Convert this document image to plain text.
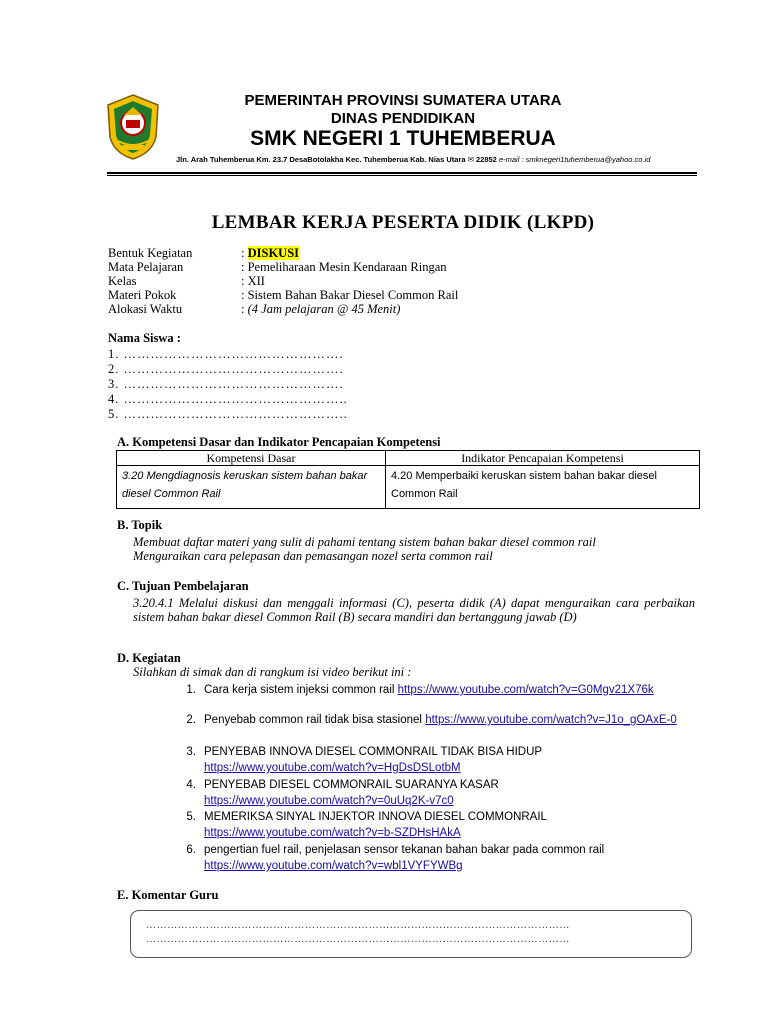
PEMERINTAH PROVINSI SUMATERA UTARA
DINAS PENDIDIKAN
SMK NEGERI 1 TUHEMBERUA
Jln. Arah Tuhemberua Km. 23.7 DesaBotolakha Kec. Tuhemberua Kab. Nias Utara ✉ 22852 e-mail : smknegeri1tuhemberua@yahoo.co.id
LEMBAR KERJA PESERTA DIDIK (LKPD)
Bentuk Kegiatan	: DISKUSI
Mata Pelajaran	: Pemeliharaan Mesin Kendaraan Ringan
Kelas	: XII
Materi Pokok	: Sistem Bahan Bakar Diesel Common Rail
Alokasi Waktu	: (4 Jam pelajaran @ 45 Menit)
Nama Siswa :
1. ………………………………………….
2. ………………………………………….
3. ………………………………………….
4. …………………………………………..
5. …………………………………………..
A. Kompetensi Dasar dan Indikator Pencapaian Kompetensi
Kompetensi Dasar	Indikator Pencapaian Kompetensi
3.20 Mengdiagnosis keruskan sistem bahan bakar diesel Common Rail	4.20 Memperbaiki keruskan sistem bahan bakar diesel Common Rail
B. Topik
Membuat daftar materi yang sulit di pahami tentang sistem bahan bakar diesel common rail
Menguraikan cara pelepasan dan pemasangan nozel serta common rail
C. Tujuan Pembelajaran
3.20.4.1 Melalui diskusi dan menggali informasi (C), peserta didik (A) dapat menguraikan cara perbaikan sistem bahan bakar diesel Common Rail (B) secara mandiri dan bertanggung jawab (D)
D. Kegiatan
Silahkan di simak dan di rangkum isi video berikut ini :
1. Cara kerja sistem injeksi common rail https://www.youtube.com/watch?v=G0Mgv21X76k
2. Penyebab common rail tidak bisa stasionel https://www.youtube.com/watch?v=J1o_gOAxE-0
3. PENYEBAB INNOVA DIESEL COMMONRAIL TIDAK BISA HIDUP
https://www.youtube.com/watch?v=HgDsDSLotbM
4. PENYEBAB DIESEL COMMONRAIL SUARANYA KASAR
https://www.youtube.com/watch?v=0uUq2K-v7c0
5. MEMERIKSA SINYAL INJEKTOR INNOVA DIESEL COMMONRAIL
https://www.youtube.com/watch?v=b-SZDHsHAkA
6. pengertian fuel rail, penjelasan sensor tekanan bahan bakar pada common rail
https://www.youtube.com/watch?v=wbl1VYFYWBg
E. Komentar Guru
…………………………………………………………………………………………………………
…………………………………………………………………………………………………………
